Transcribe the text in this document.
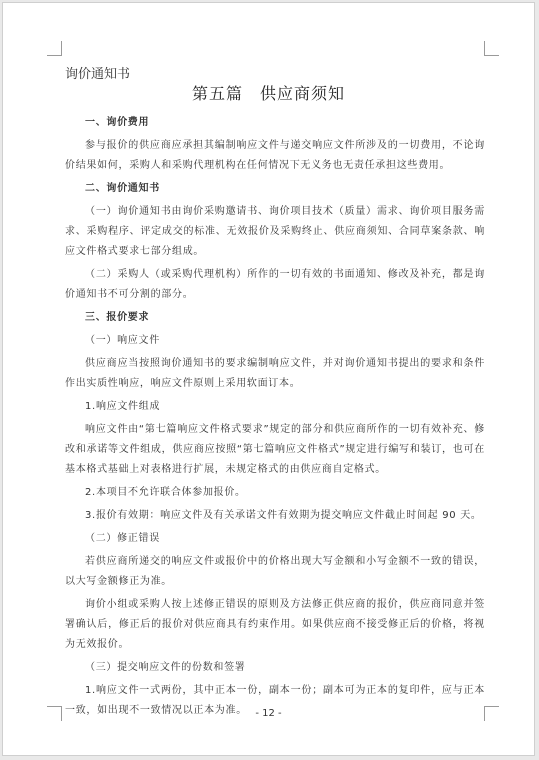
询价通知书
第五篇　供应商须知

一、询价费用

参与报价的供应商应承担其编制响应文件与递交响应文件所涉及的一切费用，不论询价结果如何，采购人和采购代理机构在任何情况下无义务也无责任承担这些费用。

二、询价通知书

（一）询价通知书由询价采购邀请书、询价项目技术（质量）需求、询价项目服务需求、采购程序、评定成交的标准、无效报价及采购终止、供应商须知、合同草案条款、响应文件格式要求七部分组成。

（二）采购人（或采购代理机构）所作的一切有效的书面通知、修改及补充，都是询价通知书不可分割的部分。

三、报价要求

（一）响应文件

供应商应当按照询价通知书的要求编制响应文件，并对询价通知书提出的要求和条件作出实质性响应，响应文件原则上采用软面订本。

1.响应文件组成

响应文件由“第七篇响应文件格式要求”规定的部分和供应商所作的一切有效补充、修改和承诺等文件组成，供应商应按照“第七篇响应文件格式”规定进行编写和装订，也可在基本格式基础上对表格进行扩展，未规定格式的由供应商自定格式。

2.本项目不允许联合体参加报价。

3.报价有效期：响应文件及有关承诺文件有效期为提交响应文件截止时间起 90 天。

（二）修正错误

若供应商所递交的响应文件或报价中的价格出现大写金额和小写金额不一致的错误，以大写金额修正为准。

询价小组或采购人按上述修正错误的原则及方法修正供应商的报价，供应商同意并签署确认后，修正后的报价对供应商具有约束作用。如果供应商不接受修正后的价格，将视为无效报价。

（三）提交响应文件的份数和签署

1.响应文件一式两份，其中正本一份，副本一份；副本可为正本的复印件，应与正本一致，如出现不一致情况以正本为准。 - 12 -
